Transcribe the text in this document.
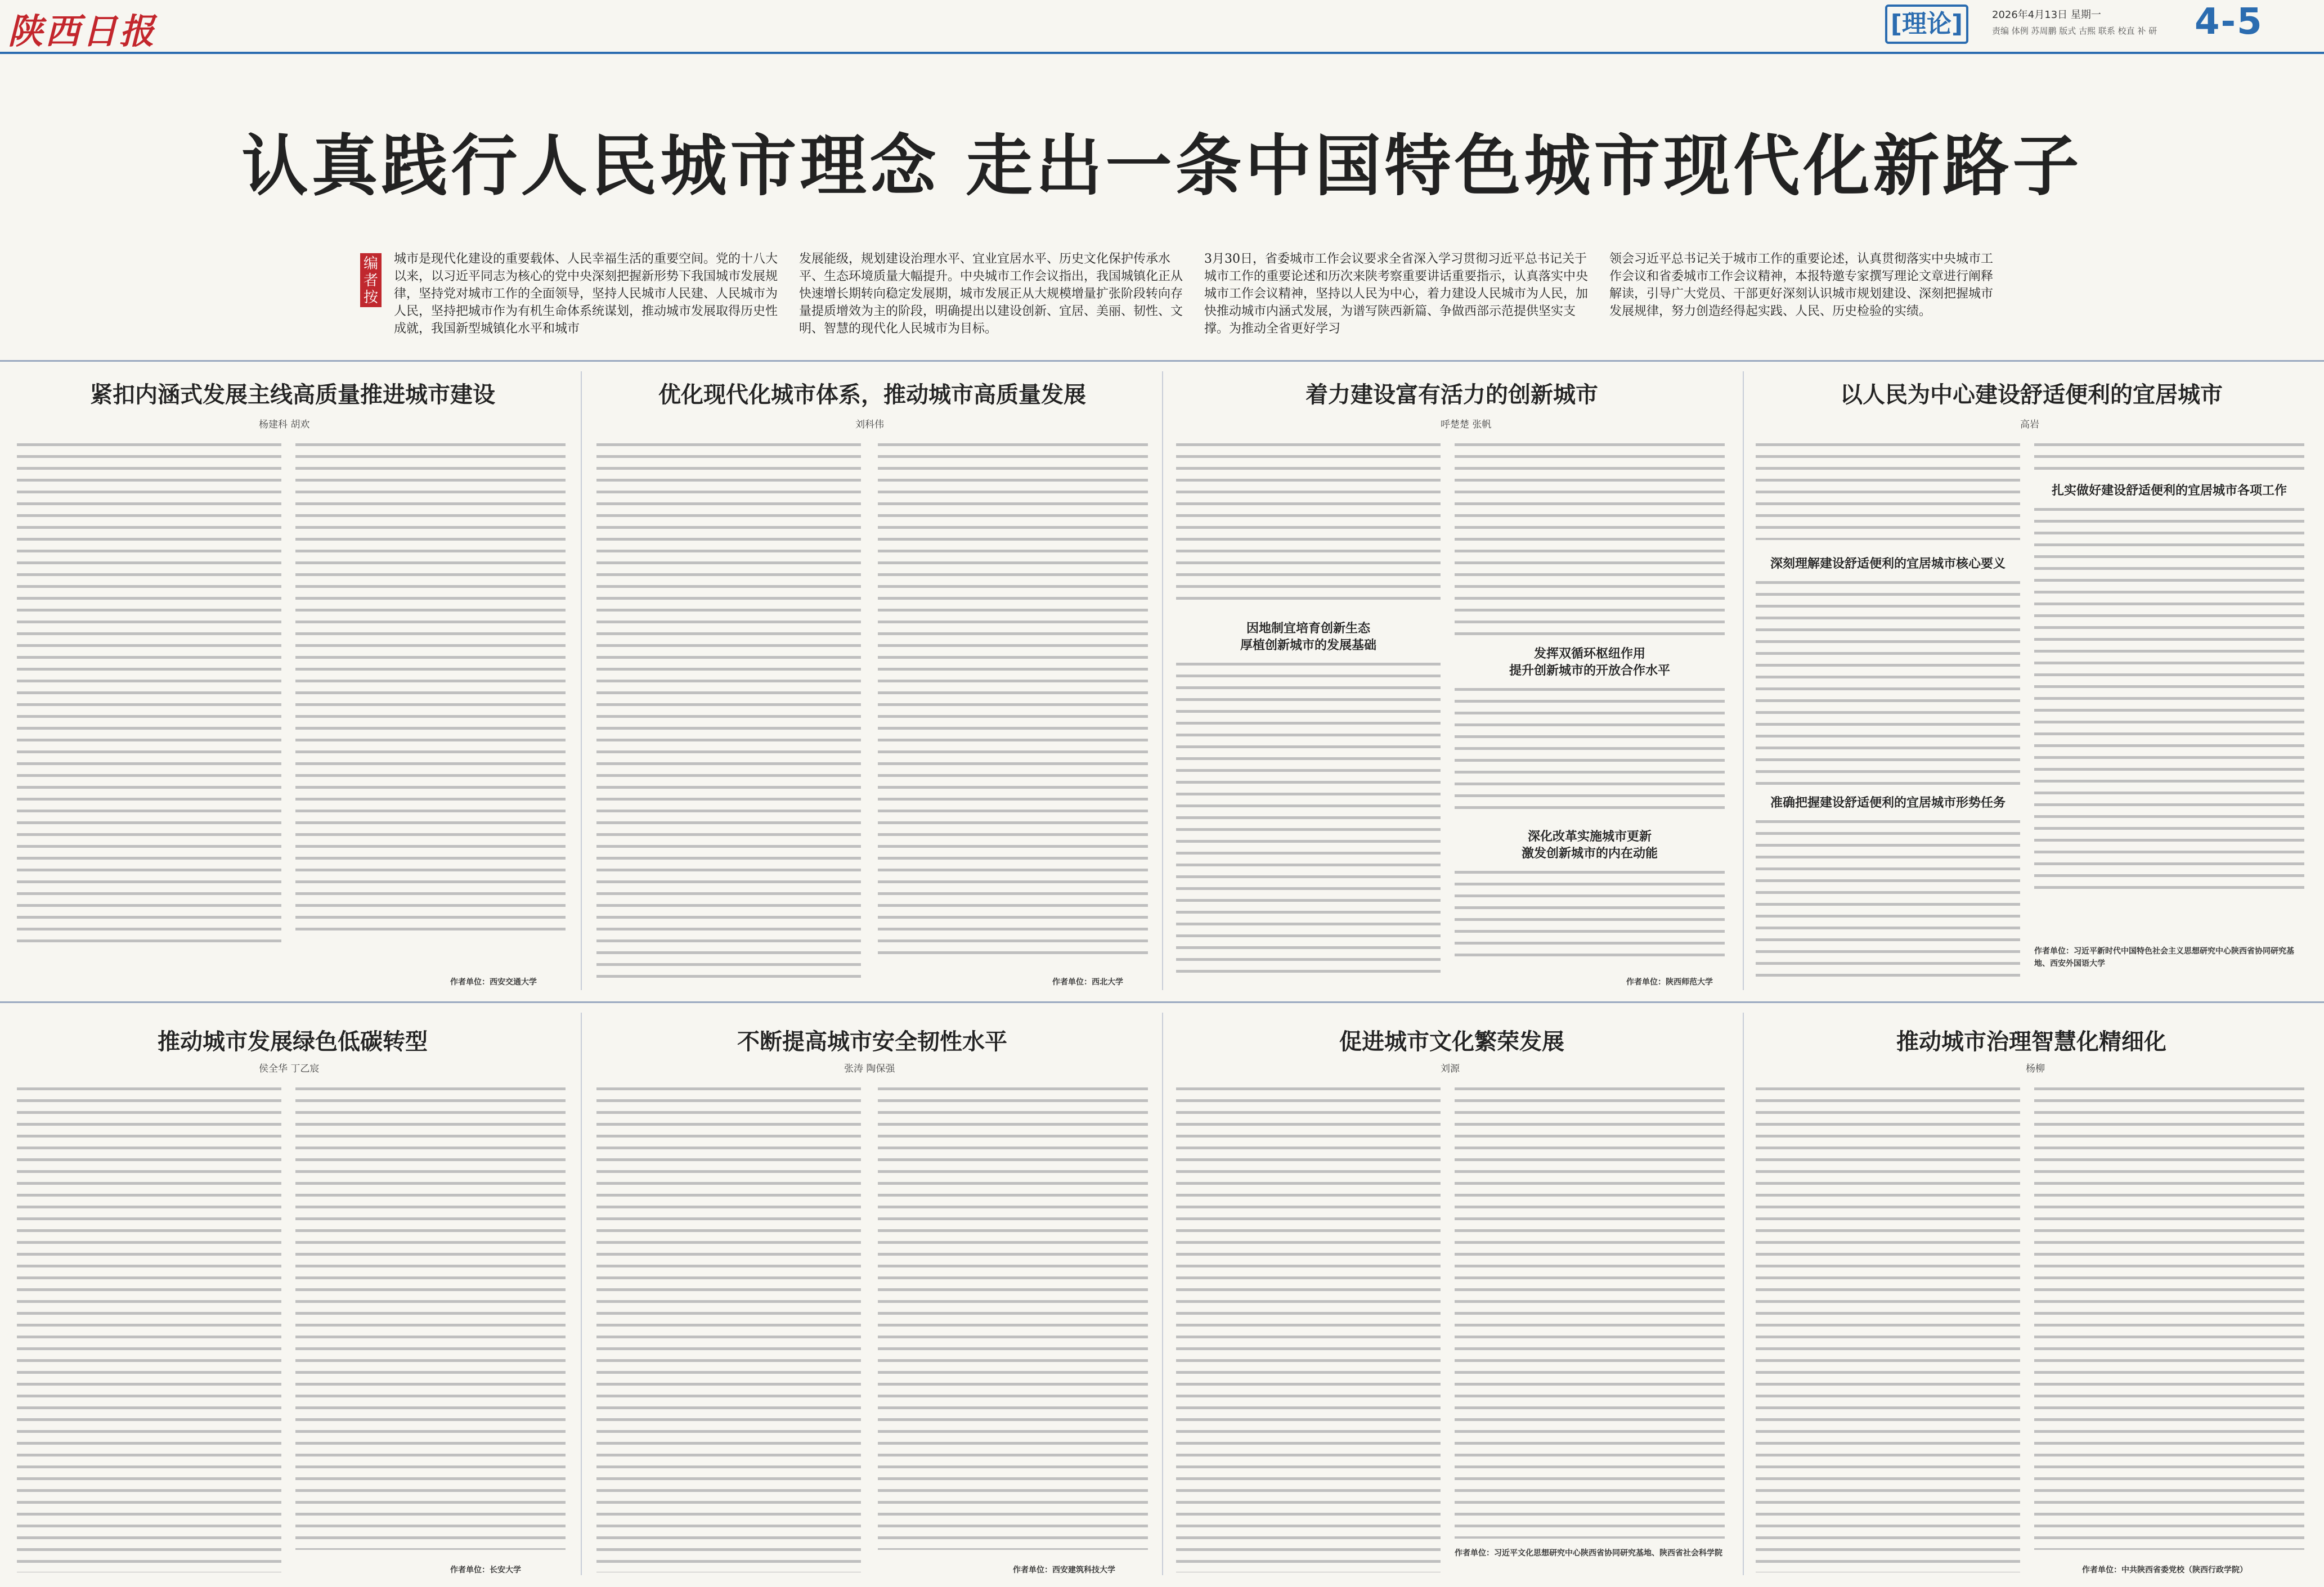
陕西日报	[理论]	2026年4月13日 星期一
责编 体例 苏周鹏 版式 古熙 联系 校直 补 研 4-5
认真践行人民城市理念 走出一条中国特色城市现代化新路子
编者按
城市是现代化建设的重要载体、人民幸福生活的重要空间。党的十八大以来，以习近平同志为核心的党中央深刻把握新形势下我国城市发展规律，坚持党对城市工作的全面领导，坚持人民城市人民建、人民城市为人民，坚持把城市作为有机生命体系统谋划，推动城市发展取得历史性成就，我国新型城镇化水平和城市
发展能级，规划建设治理水平、宜业宜居水平、历史文化保护传承水平、生态环境质量大幅提升。中央城市工作会议指出，我国城镇化正从快速增长期转向稳定发展期，城市发展正从大规模增量扩张阶段转向存量提质增效为主的阶段，明确提出以建设创新、宜居、美丽、韧性、文明、智慧的现代化人民城市为目标。
3月30日，省委城市工作会议要求全省深入学习贯彻习近平总书记关于城市工作的重要论述和历次来陕考察重要讲话重要指示，认真落实中央城市工作会议精神，坚持以人民为中心，着力建设人民城市为人民，加快推动城市内涵式发展，为谱写陕西新篇、争做西部示范提供坚实支撑。为推动全省更好学习
领会习近平总书记关于城市工作的重要论述，认真贯彻落实中央城市工作会议和省委城市工作会议精神，本报特邀专家撰写理论文章进行阐释解读，引导广大党员、干部更好深刻认识城市规划建设、深刻把握城市发展规律，努力创造经得起实践、人民、历史检验的实绩。
紧扣内涵式发展主线高质量推进城市建设
杨建科 胡欢
作者单位：西安交通大学
优化现代化城市体系，推动城市高质量发展
刘科伟
作者单位：西北大学
着力建设富有活力的创新城市
呼楚楚 张帆
因地制宜培育创新生态
厚植创新城市的发展基础
发挥双循环枢纽作用
提升创新城市的开放合作水平
深化改革实施城市更新
激发创新城市的内在动能
作者单位：陕西师范大学
以人民为中心建设舒适便利的宜居城市
高岩
深刻理解建设舒适便利的宜居城市核心要义
准确把握建设舒适便利的宜居城市形势任务
扎实做好建设舒适便利的宜居城市各项工作
作者单位：习近平新时代中国特色社会主义思想研究中心陕西省协同研究基地、西安外国语大学
推动城市发展绿色低碳转型
侯全华 丁乙宸
作者单位：长安大学
不断提高城市安全韧性水平
张涛 陶保强
作者单位：西安建筑科技大学
促进城市文化繁荣发展
刘源
作者单位：习近平文化思想研究中心陕西省协同研究基地、陕西省社会科学院
推动城市治理智慧化精细化
杨柳
作者单位：中共陕西省委党校（陕西行政学院）
